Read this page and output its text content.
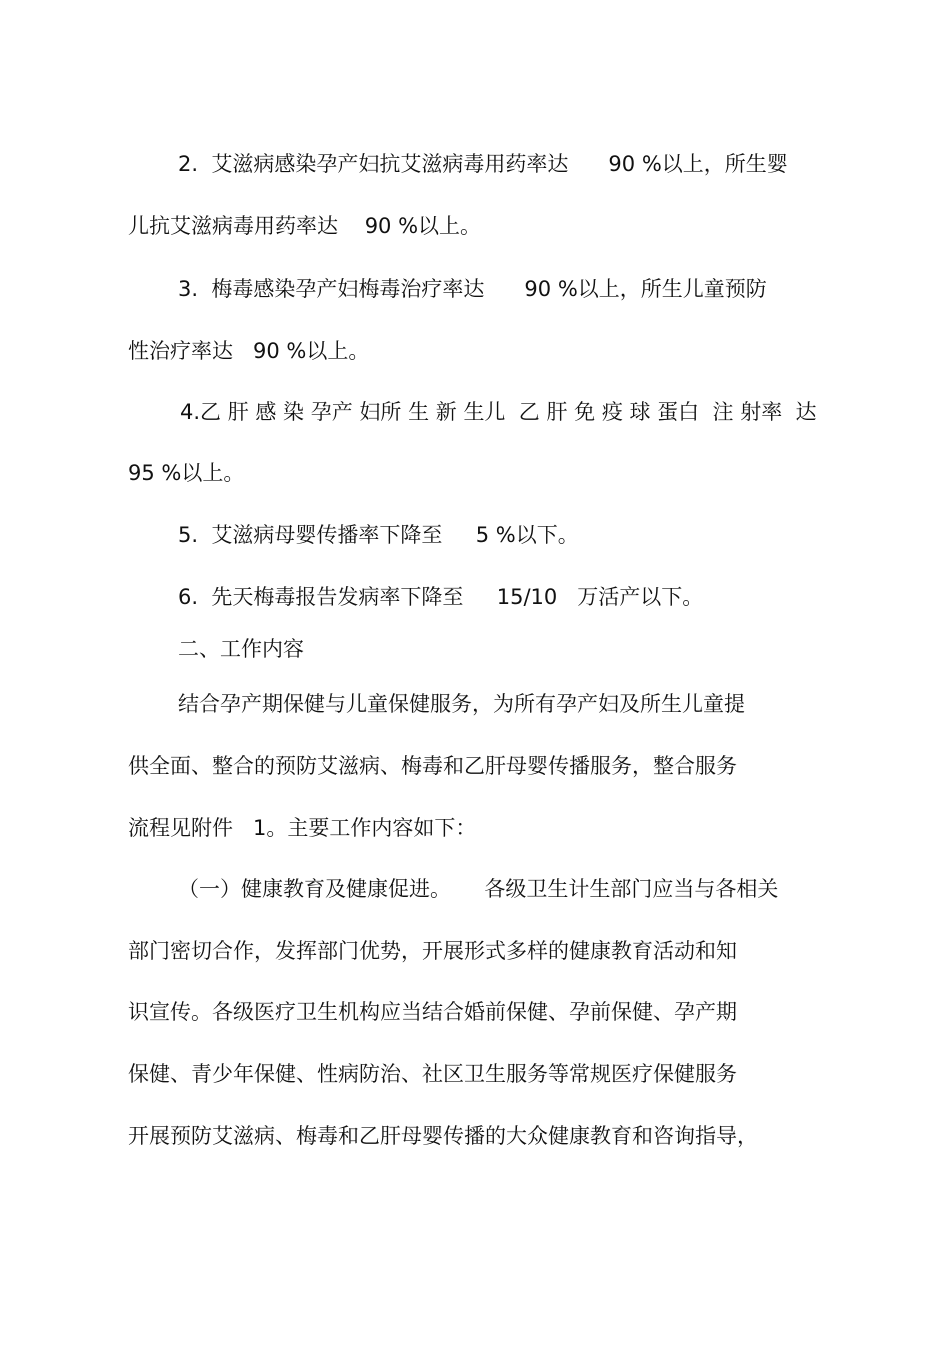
2.  艾滋病感染孕产妇抗艾滋病毒用药率达      90 %以上，所生婴

儿抗艾滋病毒用药率达    90 %以上。

3.  梅毒感染孕产妇梅毒治疗率达      90 %以上，所生儿童预防

性治疗率达   90 %以上。

4.乙 肝 感 染 孕产 妇所 生 新 生儿  乙 肝 免 疫 球 蛋白  注 射率  达

95 %以上。

5.  艾滋病母婴传播率下降至     5 %以下。

6.  先天梅毒报告发病率下降至     15/10   万活产以下。

二、工作内容

结合孕产期保健与儿童保健服务，为所有孕产妇及所生儿童提

供全面、整合的预防艾滋病、梅毒和乙肝母婴传播服务，整合服务

流程见附件   1。主要工作内容如下：

（一）健康教育及健康促进。     各级卫生计生部门应当与各相关

部门密切合作，发挥部门优势，开展形式多样的健康教育活动和知

识宣传。各级医疗卫生机构应当结合婚前保健、孕前保健、孕产期

保健、青少年保健、性病防治、社区卫生服务等常规医疗保健服务

开展预防艾滋病、梅毒和乙肝母婴传播的大众健康教育和咨询指导，
